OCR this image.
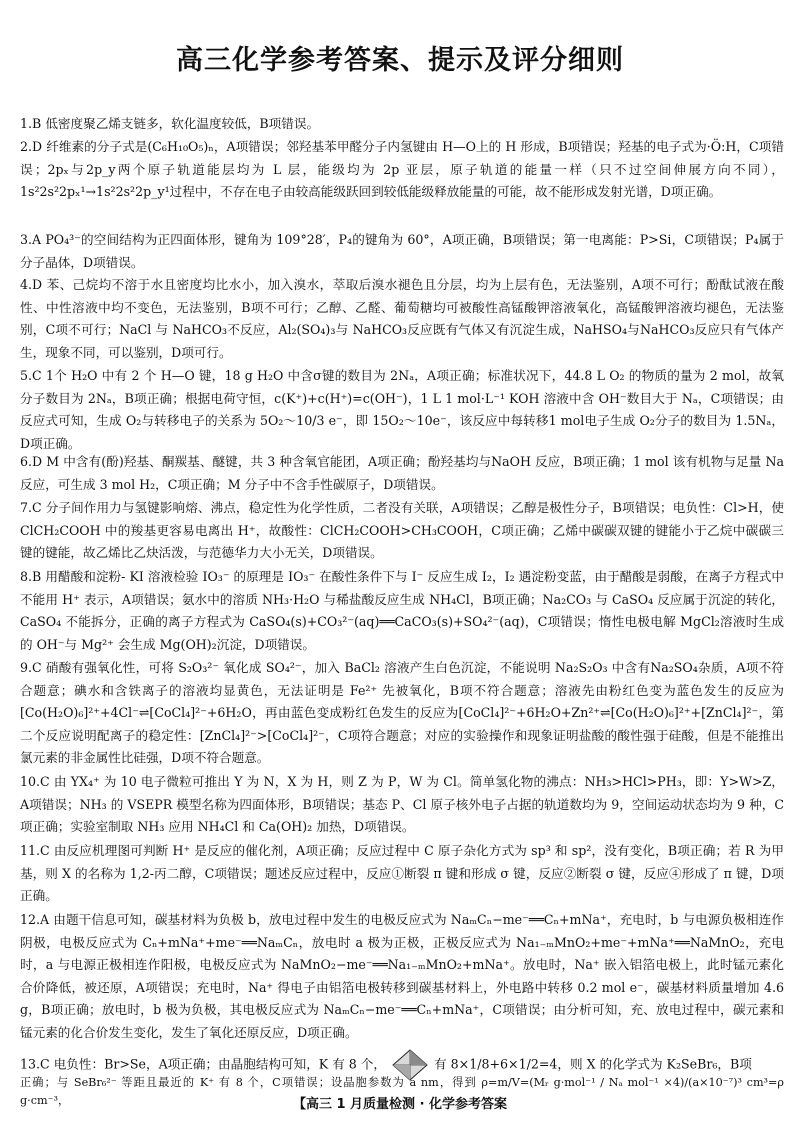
高三化学参考答案、提示及评分细则
1.B 低密度聚乙烯支链多，软化温度较低，B项错误。
2.D 纤维素的分子式是(C₆H₁₀O₅)ₙ，A项错误；邻羟基苯甲醛分子内氢键由 H—O上的 H 形成，B项错误；羟基的电子式为·Ö:H，C项错误；2pₓ与2p_y两个原子轨道能层均为 L 层，能级均为 2p 亚层，原子轨道的能量一样（只不过空间伸展方向不同），1s²2s²2pₓ¹→1s²2s²2p_y¹过程中，不存在电子由较高能级跃回到较低能级释放能量的可能，故不能形成发射光谱，D项正确。
3.A PO₄³⁻的空间结构为正四面体形，键角为 109°28′，P₄的键角为 60°，A项正确，B项错误；第一电离能：P>Si，C项错误；P₄属于分子晶体，D项错误。
4.D 苯、己烷均不溶于水且密度均比水小，加入溴水，萃取后溴水褪色且分层，均为上层有色，无法鉴别，A项不可行；酚酞试液在酸性、中性溶液中均不变色，无法鉴别，B项不可行；乙醇、乙醛、葡萄糖均可被酸性高锰酸钾溶液氧化，高锰酸钾溶液均褪色，无法鉴别，C项不可行；NaCl 与 NaHCO₃不反应，Al₂(SO₄)₃与 NaHCO₃反应既有气体又有沉淀生成，NaHSO₄与NaHCO₃反应只有气体产生，现象不同，可以鉴别，D项可行。
5.C 1个 H₂O 中有 2 个 H—O 键，18 g H₂O 中含σ键的数目为 2Nₐ，A项正确；标准状况下，44.8 L O₂ 的物质的量为 2 mol，故氧分子数目为 2Nₐ，B项正确；根据电荷守恒，c(K⁺)+c(H⁺)=c(OH⁻)，1 L 1 mol·L⁻¹ KOH 溶液中含 OH⁻数目大于 Nₐ，C项错误；由反应式可知，生成 O₂与转移电子的关系为 5O₂～10/3 e⁻，即 15O₂～10e⁻，该反应中每转移1 mol电子生成 O₂分子的数目为 1.5Nₐ，D项正确。
6.D M 中含有(酚)羟基、酮羰基、醚键，共 3 种含氧官能团，A项正确；酚羟基均与NaOH 反应，B项正确；1 mol 该有机物与足量 Na 反应，可生成 3 mol H₂，C项正确；M 分子中不含手性碳原子，D项错误。
7.C 分子间作用力与氢键影响熔、沸点，稳定性为化学性质，二者没有关联，A项错误；乙醇是极性分子，B项错误；电负性：Cl>H，使 ClCH₂COOH 中的羧基更容易电离出 H⁺，故酸性：ClCH₂COOH>CH₃COOH，C项正确；乙烯中碳碳双键的键能小于乙烷中碳碳三键的键能，故乙烯比乙炔活泼，与范德华力大小无关，D项错误。
8.B 用醋酸和淀粉- KI 溶液检验 IO₃⁻ 的原理是 IO₃⁻ 在酸性条件下与 I⁻ 反应生成 I₂，I₂ 遇淀粉变蓝，由于醋酸是弱酸，在离子方程式中不能用 H⁺ 表示，A项错误；氨水中的溶质 NH₃·H₂O 与稀盐酸反应生成 NH₄Cl，B项正确；Na₂CO₃ 与 CaSO₄ 反应属于沉淀的转化，CaSO₄ 不能拆分，正确的离子方程式为 CaSO₄(s)+CO₃²⁻(aq)══CaCO₃(s)+SO₄²⁻(aq)，C项错误；惰性电极电解 MgCl₂溶液时生成的 OH⁻与 Mg²⁺ 会生成 Mg(OH)₂沉淀，D项错误。
9.C 硝酸有强氧化性，可将 S₂O₃²⁻ 氧化成 SO₄²⁻，加入 BaCl₂ 溶液产生白色沉淀，不能说明 Na₂S₂O₃ 中含有Na₂SO₄杂质，A项不符合题意；碘水和含铁离子的溶液均显黄色，无法证明是 Fe²⁺ 先被氧化，B项不符合题意；溶液先由粉红色变为蓝色发生的反应为[Co(H₂O)₆]²⁺+4Cl⁻⇌[CoCl₄]²⁻+6H₂O，再由蓝色变成粉红色发生的反应为[CoCl₄]²⁻+6H₂O+Zn²⁺⇌[Co(H₂O)₆]²⁺+[ZnCl₄]²⁻，第二个反应说明配离子的稳定性：[ZnCl₄]²⁻>[CoCl₄]²⁻，C项符合题意；对应的实验操作和现象证明盐酸的酸性强于硅酸，但是不能推出氯元素的非金属性比硅强，D项不符合题意。
10.C 由 YX₄⁺ 为 10 电子微粒可推出 Y 为 N，X 为 H，则 Z 为 P，W 为 Cl。简单氢化物的沸点：NH₃>HCl>PH₃，即：Y>W>Z，A项错误；NH₃ 的 VSEPR 模型名称为四面体形，B项错误；基态 P、Cl 原子核外电子占据的轨道数均为 9，空间运动状态均为 9 种，C项正确；实验室制取 NH₃ 应用 NH₄Cl 和 Ca(OH)₂ 加热，D项错误。
11.C 由反应机理图可判断 H⁺ 是反应的催化剂，A项正确；反应过程中 C 原子杂化方式为 sp³ 和 sp²，没有变化，B项正确；若 R 为甲基，则 X 的名称为 1,2-丙二醇，C项错误；题述反应过程中，反应①断裂 π 键和形成 σ 键，反应②断裂 σ 键，反应④形成了 π 键，D项正确。
12.A 由题干信息可知，碳基材料为负极 b，放电过程中发生的电极反应式为 NaₘCₙ−me⁻══Cₙ+mNa⁺，充电时，b 与电源负极相连作阴极，电极反应式为 Cₙ+mNa⁺+me⁻══NaₘCₙ，放电时 a 极为正极，正极反应式为 Na₁₋ₘMnO₂+me⁻+mNa⁺══NaMnO₂，充电时，a 与电源正极相连作阳极，电极反应式为 NaMnO₂−me⁻══Na₁₋ₘMnO₂+mNa⁺。放电时，Na⁺ 嵌入铝箔电极上，此时锰元素化合价降低，被还原，A项错误；充电时，Na⁺ 得电子由铝箔电极转移到碳基材料上，外电路中转移 0.2 mol e⁻，碳基材料质量增加 4.6 g，B项正确；放电时，b 极为负极，其电极反应式为 NaₘCₙ−me⁻══Cₙ+mNa⁺，C项错误；由分析可知，充、放电过程中，碳元素和锰元素的化合价发生变化，发生了氧化还原反应，D项正确。
13.C 电负性：Br>Se，A项正确；由晶胞结构可知，K 有 8 个，	有 8×1/8+6×1/2=4，则 X 的化学式为 K₂SeBr₆，B项
正确；与 SeBr₆²⁻ 等距且最近的 K⁺ 有 8 个，C项错误；设晶胞参数为 a nm，得到 ρ=m/V=(Mᵣ g·mol⁻¹ / Nₐ mol⁻¹ ×4)/(a×10⁻⁷)³ cm³=ρ g·cm⁻³，	【高三 1 月质量检测 · 化学参考答案
